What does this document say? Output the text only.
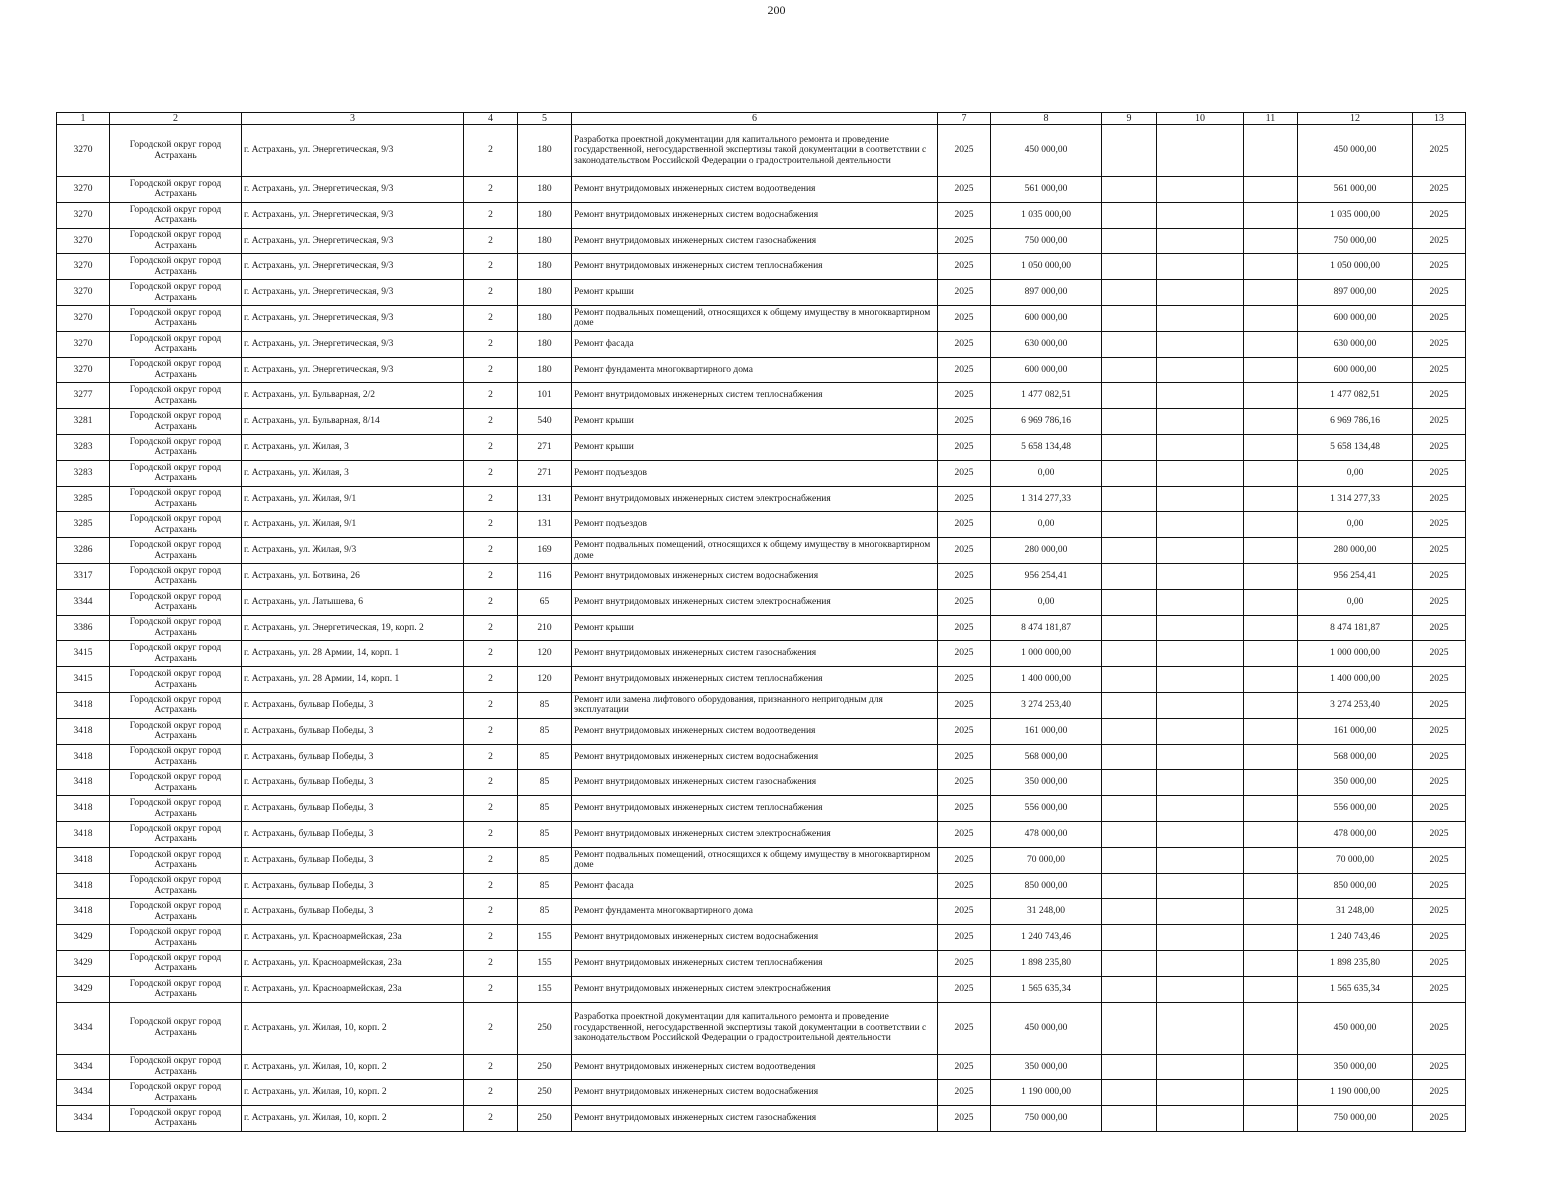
200
1	2	3	4	5	6	7	8	9	10	11	12	13
3270	Городской округ город Астрахань	г. Астрахань, ул. Энергетическая, 9/3	2	180	Разработка проектной документации для капитального ремонта и проведение государственной, негосударственной экспертизы такой документации в соответствии с законодательством Российской Федерации о градостроительной деятельности	2025	450 000,00				450 000,00	2025
3270	Городской округ город Астрахань	г. Астрахань, ул. Энергетическая, 9/3	2	180	Ремонт внутридомовых инженерных систем водоотведения	2025	561 000,00				561 000,00	2025
3270	Городской округ город Астрахань	г. Астрахань, ул. Энергетическая, 9/3	2	180	Ремонт внутридомовых инженерных систем водоснабжения	2025	1 035 000,00				1 035 000,00	2025
3270	Городской округ город Астрахань	г. Астрахань, ул. Энергетическая, 9/3	2	180	Ремонт внутридомовых инженерных систем газоснабжения	2025	750 000,00				750 000,00	2025
3270	Городской округ город Астрахань	г. Астрахань, ул. Энергетическая, 9/3	2	180	Ремонт внутридомовых инженерных систем теплоснабжения	2025	1 050 000,00				1 050 000,00	2025
3270	Городской округ город Астрахань	г. Астрахань, ул. Энергетическая, 9/3	2	180	Ремонт крыши	2025	897 000,00				897 000,00	2025
3270	Городской округ город Астрахань	г. Астрахань, ул. Энергетическая, 9/3	2	180	Ремонт подвальных помещений, относящихся к общему имуществу в многоквартирном доме	2025	600 000,00				600 000,00	2025
3270	Городской округ город Астрахань	г. Астрахань, ул. Энергетическая, 9/3	2	180	Ремонт фасада	2025	630 000,00				630 000,00	2025
3270	Городской округ город Астрахань	г. Астрахань, ул. Энергетическая, 9/3	2	180	Ремонт фундамента многоквартирного дома	2025	600 000,00				600 000,00	2025
3277	Городской округ город Астрахань	г. Астрахань, ул. Бульварная, 2/2	2	101	Ремонт внутридомовых инженерных систем теплоснабжения	2025	1 477 082,51				1 477 082,51	2025
3281	Городской округ город Астрахань	г. Астрахань, ул. Бульварная, 8/14	2	540	Ремонт крыши	2025	6 969 786,16				6 969 786,16	2025
3283	Городской округ город Астрахань	г. Астрахань, ул. Жилая, 3	2	271	Ремонт крыши	2025	5 658 134,48				5 658 134,48	2025
3283	Городской округ город Астрахань	г. Астрахань, ул. Жилая, 3	2	271	Ремонт подъездов	2025	0,00				0,00	2025
3285	Городской округ город Астрахань	г. Астрахань, ул. Жилая, 9/1	2	131	Ремонт внутридомовых инженерных систем электроснабжения	2025	1 314 277,33				1 314 277,33	2025
3285	Городской округ город Астрахань	г. Астрахань, ул. Жилая, 9/1	2	131	Ремонт подъездов	2025	0,00				0,00	2025
3286	Городской округ город Астрахань	г. Астрахань, ул. Жилая, 9/3	2	169	Ремонт подвальных помещений, относящихся к общему имуществу в многоквартирном доме	2025	280 000,00				280 000,00	2025
3317	Городской округ город Астрахань	г. Астрахань, ул. Ботвина, 26	2	116	Ремонт внутридомовых инженерных систем водоснабжения	2025	956 254,41				956 254,41	2025
3344	Городской округ город Астрахань	г. Астрахань, ул. Латышева, 6	2	65	Ремонт внутридомовых инженерных систем электроснабжения	2025	0,00				0,00	2025
3386	Городской округ город Астрахань	г. Астрахань, ул. Энергетическая, 19, корп. 2	2	210	Ремонт крыши	2025	8 474 181,87				8 474 181,87	2025
3415	Городской округ город Астрахань	г. Астрахань, ул. 28 Армии, 14, корп. 1	2	120	Ремонт внутридомовых инженерных систем газоснабжения	2025	1 000 000,00				1 000 000,00	2025
3415	Городской округ город Астрахань	г. Астрахань, ул. 28 Армии, 14, корп. 1	2	120	Ремонт внутридомовых инженерных систем теплоснабжения	2025	1 400 000,00				1 400 000,00	2025
3418	Городской округ город Астрахань	г. Астрахань, бульвар Победы, 3	2	85	Ремонт или замена лифтового оборудования, признанного непригодным для эксплуатации	2025	3 274 253,40				3 274 253,40	2025
3418	Городской округ город Астрахань	г. Астрахань, бульвар Победы, 3	2	85	Ремонт внутридомовых инженерных систем водоотведения	2025	161 000,00				161 000,00	2025
3418	Городской округ город Астрахань	г. Астрахань, бульвар Победы, 3	2	85	Ремонт внутридомовых инженерных систем водоснабжения	2025	568 000,00				568 000,00	2025
3418	Городской округ город Астрахань	г. Астрахань, бульвар Победы, 3	2	85	Ремонт внутридомовых инженерных систем газоснабжения	2025	350 000,00				350 000,00	2025
3418	Городской округ город Астрахань	г. Астрахань, бульвар Победы, 3	2	85	Ремонт внутридомовых инженерных систем теплоснабжения	2025	556 000,00				556 000,00	2025
3418	Городской округ город Астрахань	г. Астрахань, бульвар Победы, 3	2	85	Ремонт внутридомовых инженерных систем электроснабжения	2025	478 000,00				478 000,00	2025
3418	Городской округ город Астрахань	г. Астрахань, бульвар Победы, 3	2	85	Ремонт подвальных помещений, относящихся к общему имуществу в многоквартирном доме	2025	70 000,00				70 000,00	2025
3418	Городской округ город Астрахань	г. Астрахань, бульвар Победы, 3	2	85	Ремонт фасада	2025	850 000,00				850 000,00	2025
3418	Городской округ город Астрахань	г. Астрахань, бульвар Победы, 3	2	85	Ремонт фундамента многоквартирного дома	2025	31 248,00				31 248,00	2025
3429	Городской округ город Астрахань	г. Астрахань, ул. Красноармейская, 23а	2	155	Ремонт внутридомовых инженерных систем водоснабжения	2025	1 240 743,46				1 240 743,46	2025
3429	Городской округ город Астрахань	г. Астрахань, ул. Красноармейская, 23а	2	155	Ремонт внутридомовых инженерных систем теплоснабжения	2025	1 898 235,80				1 898 235,80	2025
3429	Городской округ город Астрахань	г. Астрахань, ул. Красноармейская, 23а	2	155	Ремонт внутридомовых инженерных систем электроснабжения	2025	1 565 635,34				1 565 635,34	2025
3434	Городской округ город Астрахань	г. Астрахань, ул. Жилая, 10, корп. 2	2	250	Разработка проектной документации для капитального ремонта и проведение государственной, негосударственной экспертизы такой документации в соответствии с законодательством Российской Федерации о градостроительной деятельности	2025	450 000,00				450 000,00	2025
3434	Городской округ город Астрахань	г. Астрахань, ул. Жилая, 10, корп. 2	2	250	Ремонт внутридомовых инженерных систем водоотведения	2025	350 000,00				350 000,00	2025
3434	Городской округ город Астрахань	г. Астрахань, ул. Жилая, 10, корп. 2	2	250	Ремонт внутридомовых инженерных систем водоснабжения	2025	1 190 000,00				1 190 000,00	2025
3434	Городской округ город Астрахань	г. Астрахань, ул. Жилая, 10, корп. 2	2	250	Ремонт внутридомовых инженерных систем газоснабжения	2025	750 000,00				750 000,00	2025
